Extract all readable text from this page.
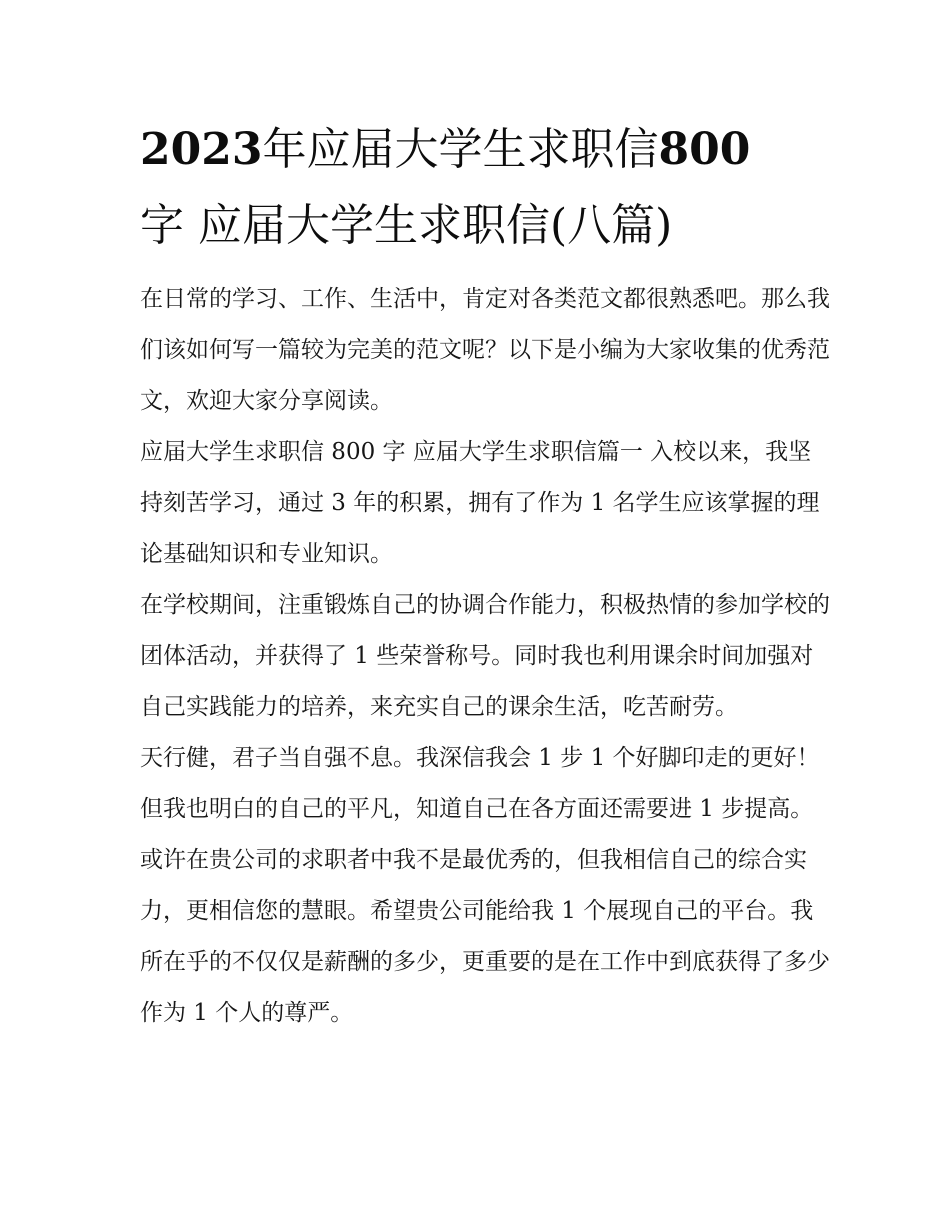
2023年应届大学生求职信800
字 应届大学生求职信(八篇)

在日常的学习、工作、生活中，肯定对各类范文都很熟悉吧。那么我们该如何写一篇较为完美的范文呢？以下是小编为大家收集的优秀范文，欢迎大家分享阅读。

应届大学生求职信 800 字 应届大学生求职信篇一 入校以来，我坚持刻苦学习，通过 3 年的积累，拥有了作为 1 名学生应该掌握的理论基础知识和专业知识。

在学校期间，注重锻炼自己的协调合作能力，积极热情的参加学校的团体活动，并获得了 1 些荣誉称号。同时我也利用课余时间加强对自己实践能力的培养，来充实自己的课余生活，吃苦耐劳。

天行健，君子当自强不息。我深信我会 1 步 1 个好脚印走的更好！但我也明白的自己的平凡，知道自己在各方面还需要进 1 步提高。或许在贵公司的求职者中我不是最优秀的，但我相信自己的综合实力，更相信您的慧眼。希望贵公司能给我 1 个展现自己的平台。我所在乎的不仅仅是薪酬的多少，更重要的是在工作中到底获得了多少作为 1 个人的尊严。
